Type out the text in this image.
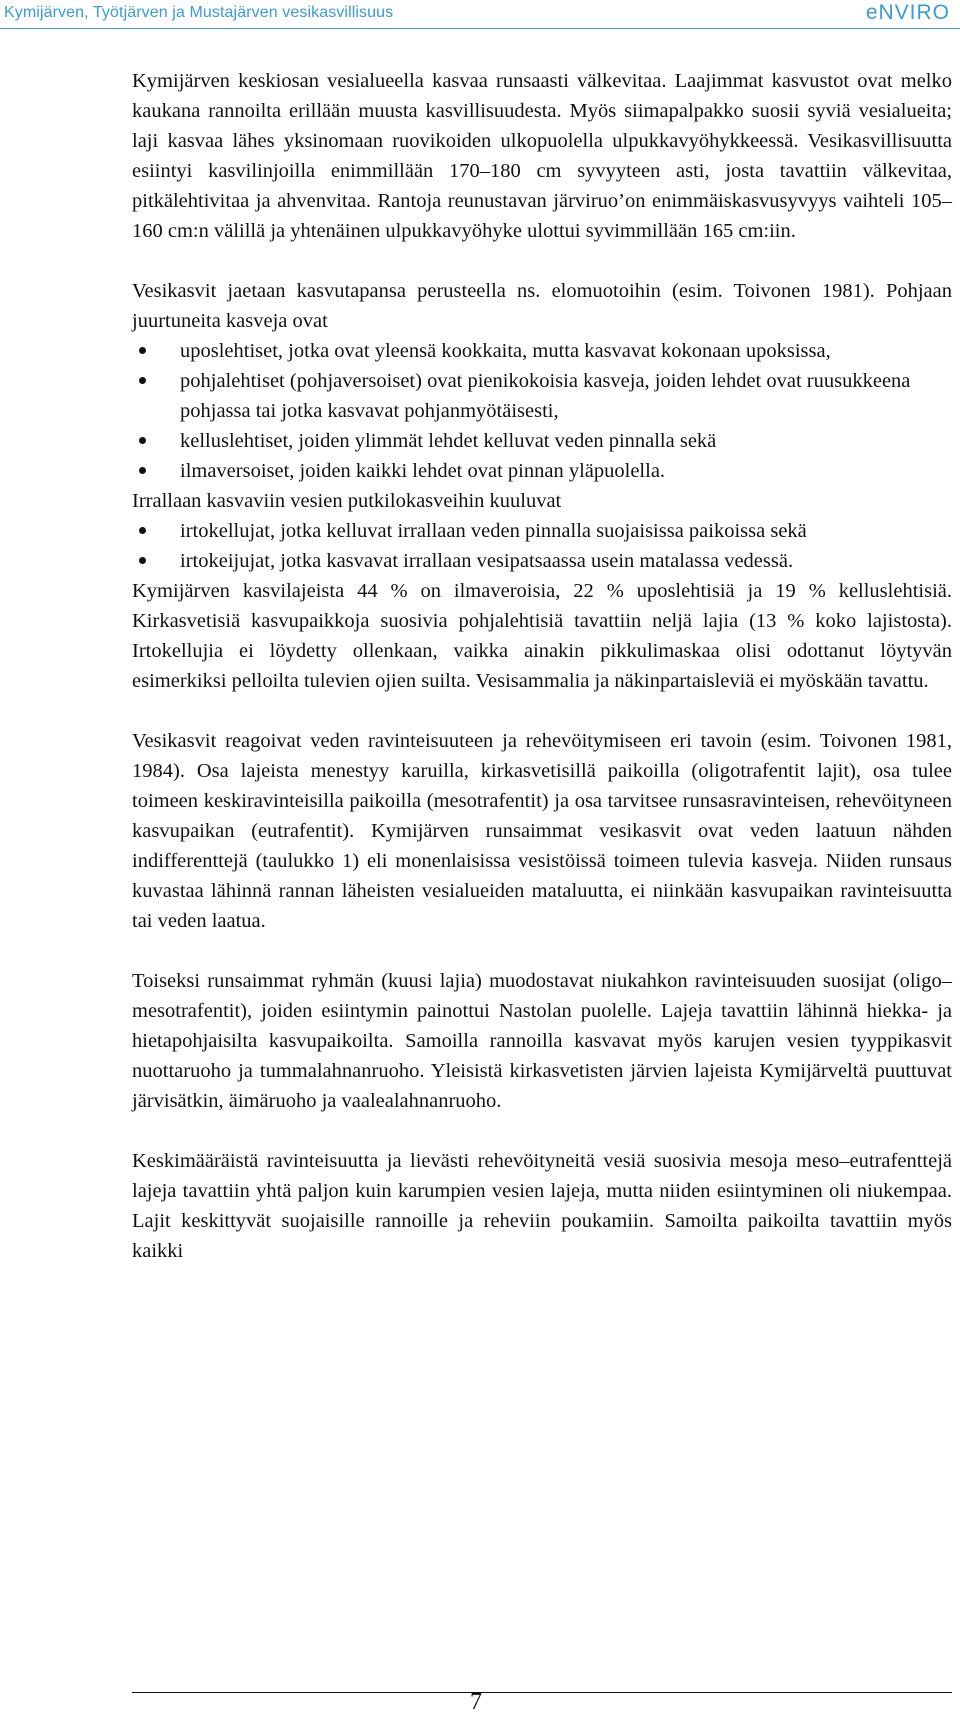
Kymijärven, Työtjärven ja Mustajärven vesikasvillisuus	eNVIRO

Kymijärven keskiosan vesialueella kasvaa runsaasti välkevitaa. Laajimmat kasvustot ovat melko kaukana rannoilta erillään muusta kasvillisuudesta. Myös siimapalpakko suosii syviä vesialueita; laji kasvaa lähes yksinomaan ruovikoiden ulkopuolella ulpukkavyöhykkeessä. Vesikasvillisuutta esiintyi kasvilinjoilla enimmillään 170–180 cm syvyyteen asti, josta tavattiin välkevitaa, pitkälehtivitaa ja ahvenvitaa. Rantoja reunustavan järviruo’on enimmäiskasvusyvyys vaihteli 105–160 cm:n välillä ja yhtenäinen ulpukkavyöhyke ulottui syvimmillään 165 cm:iin.

Vesikasvit jaetaan kasvutapansa perusteella ns. elomuotoihin (esim. Toivonen 1981). Pohjaan juurtuneita kasveja ovat

uposlehtiset, jotka ovat yleensä kookkaita, mutta kasvavat kokonaan upoksissa,
pohjalehtiset (pohjaversoiset) ovat pienikokoisia kasveja, joiden lehdet ovat ruusukkeena pohjassa tai jotka kasvavat pohjanmyötäisesti,
kelluslehtiset, joiden ylimmät lehdet kelluvat veden pinnalla sekä
ilmaversoiset, joiden kaikki lehdet ovat pinnan yläpuolella.

Irrallaan kasvaviin vesien putkilokasveihin kuuluvat

irtokellujat, jotka kelluvat irrallaan veden pinnalla suojaisissa paikoissa sekä
irtokeijujat, jotka kasvavat irrallaan vesipatsaassa usein matalassa vedessä.

Kymijärven kasvilajeista 44 % on ilmaveroisia, 22 % uposlehtisiä ja 19 % kelluslehtisiä. Kirkasvetisiä kasvupaikkoja suosivia pohjalehtisiä tavattiin neljä lajia (13 % koko lajistosta). Irtokellujia ei löydetty ollenkaan, vaikka ainakin pikkulimaskaa olisi odottanut löytyvän esimerkiksi pelloilta tulevien ojien suilta. Vesisammalia ja näkinpartaisleviä ei myöskään tavattu.

Vesikasvit reagoivat veden ravinteisuuteen ja rehevöitymiseen eri tavoin (esim. Toivonen 1981, 1984). Osa lajeista menestyy karuilla, kirkasvetisillä paikoilla (oligotrafentit lajit), osa tulee toimeen keskiravinteisilla paikoilla (mesotrafentit) ja osa tarvitsee runsasravinteisen, rehevöityneen kasvupaikan (eutrafentit). Kymijärven runsaimmat vesikasvit ovat veden laatuun nähden indifferenttejä (taulukko 1) eli monenlaisissa vesistöissä toimeen tulevia kasveja. Niiden runsaus kuvastaa lähinnä rannan läheisten vesialueiden mataluutta, ei niinkään kasvupaikan ravinteisuutta tai veden laatua.

Toiseksi runsaimmat ryhmän (kuusi lajia) muodostavat niukahkon ravinteisuuden suosijat (oligo–mesotrafentit), joiden esiintymin painottui Nastolan puolelle. Lajeja tavattiin lähinnä hiekka- ja hietapohjaisilta kasvupaikoilta. Samoilla rannoilla kasvavat myös karujen vesien tyyppikasvit nuottaruoho ja tummalahnanruoho. Yleisistä kirkasvetisten järvien lajeista Kymijärveltä puuttuvat järvisätkin, äimäruoho ja vaalealahnanruoho.

Keskimääräistä ravinteisuutta ja lievästi rehevöityneitä vesiä suosivia mesoja meso–eutrafenttejä lajeja tavattiin yhtä paljon kuin karumpien vesien lajeja, mutta niiden esiintyminen oli niukempaa. Lajit keskittyvät suojaisille rannoille ja reheviin poukamiin. Samoilta paikoilta tavattiin myös kaikki

7
